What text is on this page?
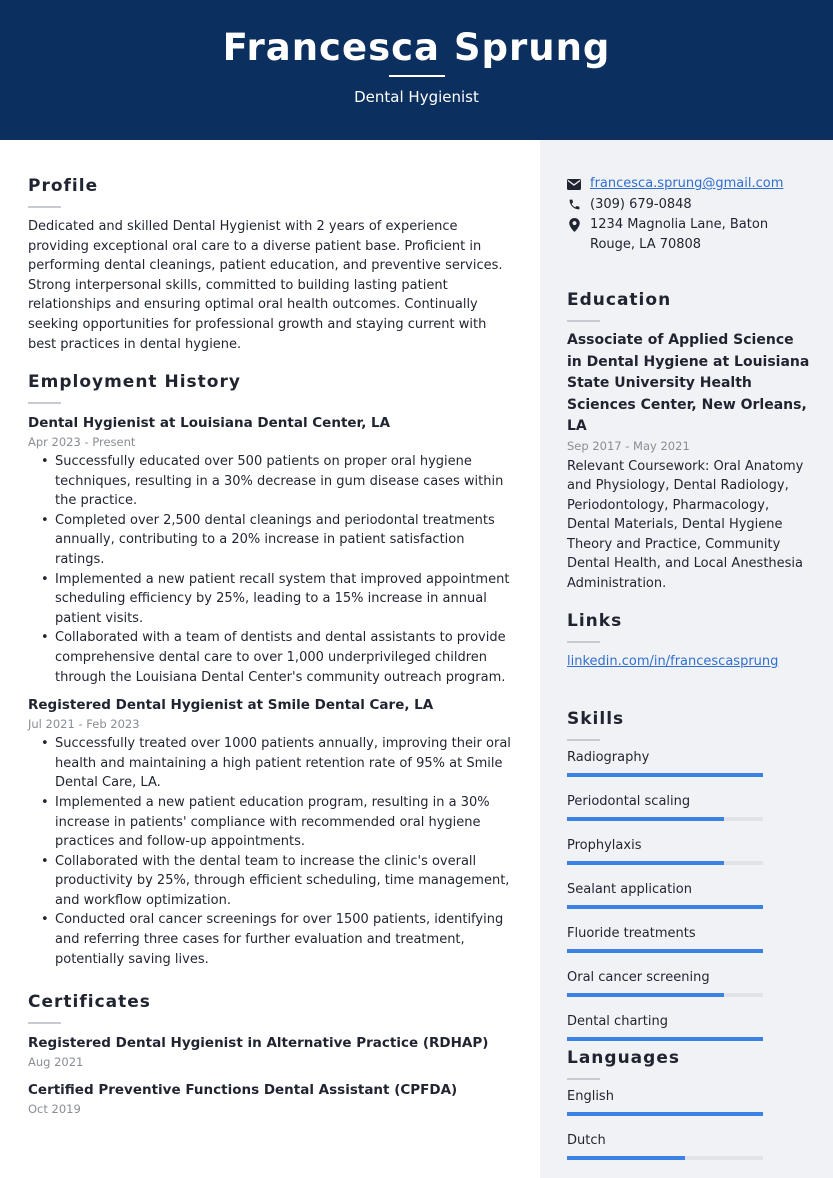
Francesca Sprung
Dental Hygienist
Profile
Dedicated and skilled Dental Hygienist with 2 years of experience providing exceptional oral care to a diverse patient base. Proficient in performing dental cleanings, patient education, and preventive services. Strong interpersonal skills, committed to building lasting patient relationships and ensuring optimal oral health outcomes. Continually seeking opportunities for professional growth and staying current with best practices in dental hygiene.
Employment History
Dental Hygienist at Louisiana Dental Center, LA
Apr 2023 - Present
• Successfully educated over 500 patients on proper oral hygiene techniques, resulting in a 30% decrease in gum disease cases within the practice.
• Completed over 2,500 dental cleanings and periodontal treatments annually, contributing to a 20% increase in patient satisfaction ratings.
• Implemented a new patient recall system that improved appointment scheduling efficiency by 25%, leading to a 15% increase in annual patient visits.
• Collaborated with a team of dentists and dental assistants to provide comprehensive dental care to over 1,000 underprivileged children through the Louisiana Dental Center's community outreach program.
Registered Dental Hygienist at Smile Dental Care, LA
Jul 2021 - Feb 2023
• Successfully treated over 1000 patients annually, improving their oral health and maintaining a high patient retention rate of 95% at Smile Dental Care, LA.
• Implemented a new patient education program, resulting in a 30% increase in patients' compliance with recommended oral hygiene practices and follow-up appointments.
• Collaborated with the dental team to increase the clinic's overall productivity by 25%, through efficient scheduling, time management, and workflow optimization.
• Conducted oral cancer screenings for over 1500 patients, identifying and referring three cases for further evaluation and treatment, potentially saving lives.
Certificates
Registered Dental Hygienist in Alternative Practice (RDHAP)
Aug 2021
Certified Preventive Functions Dental Assistant (CPFDA)
Oct 2019
francesca.sprung@gmail.com
(309) 679-0848
1234 Magnolia Lane, Baton Rouge, LA 70808
Education
Associate of Applied Science in Dental Hygiene at Louisiana State University Health Sciences Center, New Orleans, LA
Sep 2017 - May 2021
Relevant Coursework: Oral Anatomy and Physiology, Dental Radiology, Periodontology, Pharmacology, Dental Materials, Dental Hygiene Theory and Practice, Community Dental Health, and Local Anesthesia Administration.
Links
linkedin.com/in/francescasprung
Skills
Radiography
Periodontal scaling
Prophylaxis
Sealant application
Fluoride treatments
Oral cancer screening
Dental charting
Languages
English
Dutch
